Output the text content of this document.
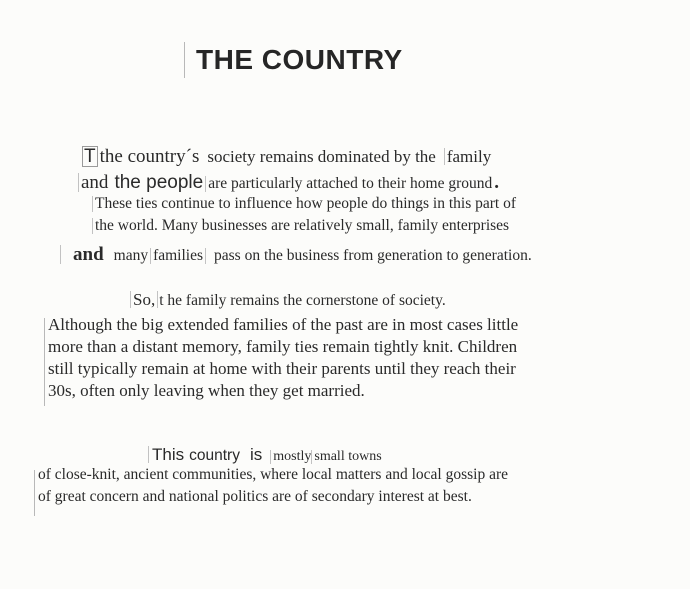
THE COUNTRY
T the country´s society remains dominated by the family
and the people are particularly attached to their home ground .
These ties continue to influence how people do things in this part of
the world. Many businesses are relatively small, family enterprises
and many families pass on the business from generation to generation.
So, t he family remains the cornerstone of society.
Although the big extended families of the past are in most cases little
more than a distant memory, family ties remain tightly knit. Children
still typically remain at home with their parents until they reach their
30s, often only leaving when they get married.
This country is mostly small towns
of close-knit, ancient communities, where local matters and local gossip are
of great concern and national politics are of secondary interest at best.
